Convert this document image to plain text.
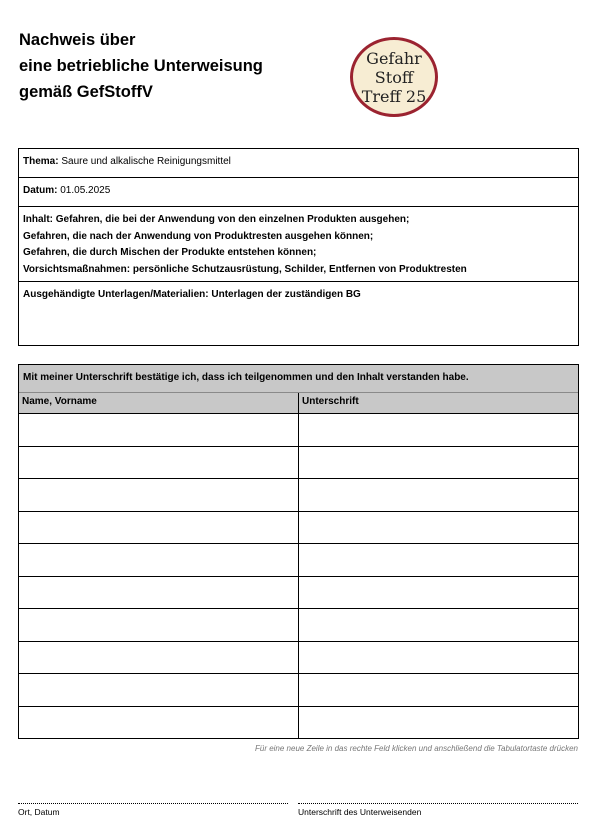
Nachweis über
eine betriebliche Unterweisung
gemäß GefStoffV
Gefahr
Stoff
Treff 25
Thema: Saure und alkalische Reinigungsmittel
Datum: 01.05.2025
Inhalt: Gefahren, die bei der Anwendung von den einzelnen Produkten ausgehen;
Gefahren, die nach der Anwendung von Produktresten ausgehen können;
Gefahren, die durch Mischen der Produkte entstehen können;
Vorsichtsmaßnahmen: persönliche Schutzausrüstung, Schilder, Entfernen von Produktresten
Ausgehändigte Unterlagen/Materialien: Unterlagen der zuständigen BG
Mit meiner Unterschrift bestätige ich, dass ich teilgenommen und den Inhalt verstanden habe.
Name, Vorname	Unterschrift
Für eine neue Zeile in das rechte Feld klicken und anschließend die Tabulatortaste drücken
Ort, Datum	Unterschrift des Unterweisenden
